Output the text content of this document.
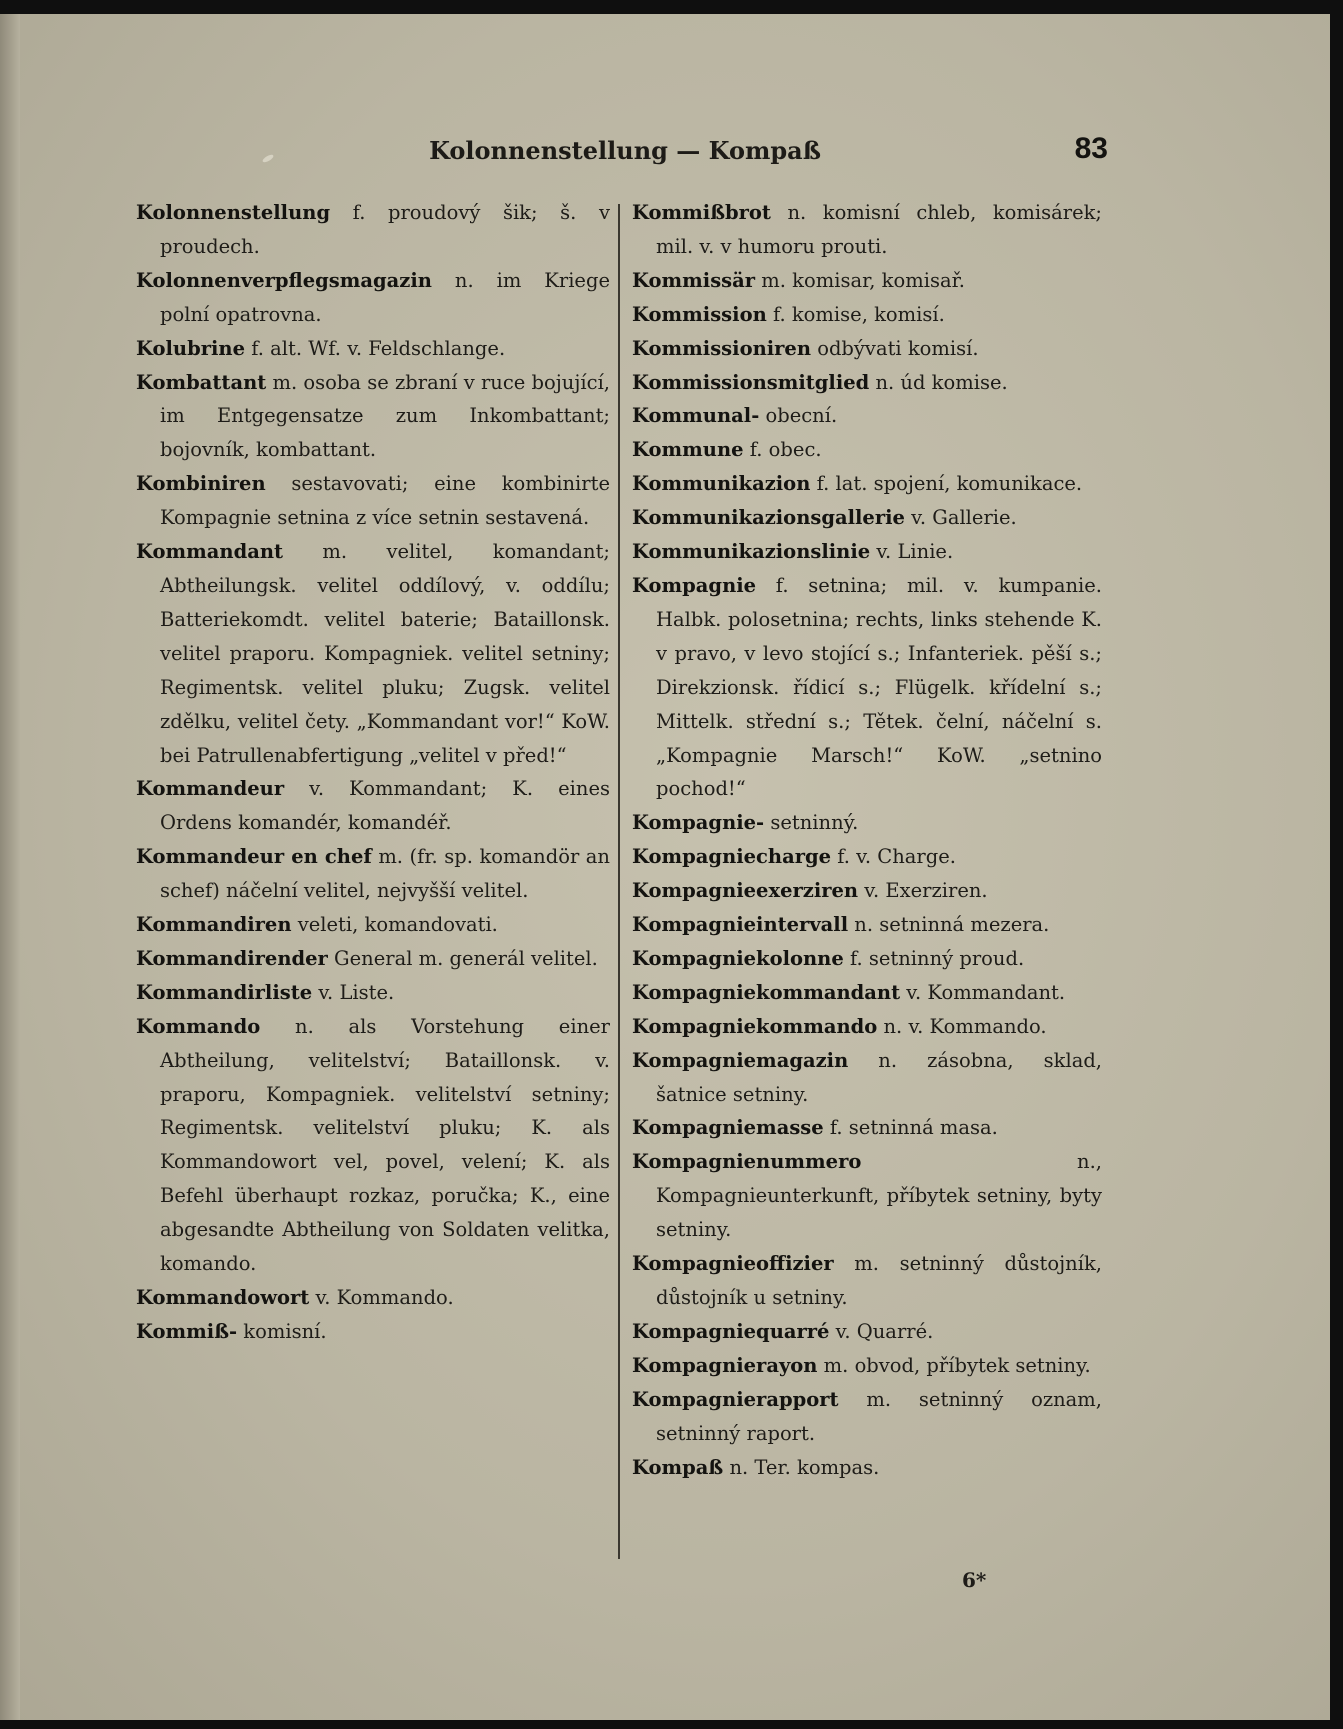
Kolonnenstellung — Kompaß	83
Kolonnenstellung f. proudový šik; š. v proudech.
Kolonnenverpflegsmagazin n. im Kriege polní opatrovna.
Kolubrine f. alt. Wf. v. Feldschlange.
Kombattant m. osoba se zbraní v ruce bojující, im Entgegensatze zum Inkombattant; bojovník, kombattant.
Kombiniren sestavovati; eine kombinirte Kompagnie setnina z více setnin sestavená.
Kommandant m. velitel, komandant; Abtheilungsk. velitel oddílový, v. oddílu; Batteriekomdt. velitel baterie; Bataillonsk. velitel praporu. Kompagniek. velitel setniny; Regimentsk. velitel pluku; Zugsk. velitel zdělku, velitel čety. „Kommandant vor!“ KoW. bei Patrullenabfertigung „velitel v před!“
Kommandeur v. Kommandant; K. eines Ordens komandér, komandéř.
Kommandeur en chef m. (fr. sp. komandör an schef) náčelní velitel, nejvyšší velitel.
Kommandiren veleti, komandovati.
Kommandirender General m. generál velitel.
Kommandirliste v. Liste.
Kommando n. als Vorstehung einer Abtheilung, velitelství; Bataillonsk. v. praporu, Kompagniek. velitelství setniny; Regimentsk. velitelství pluku; K. als Kommandowort vel, povel, velení; K. als Befehl überhaupt rozkaz, poručka; K., eine abgesandte Abtheilung von Soldaten velitka, komando.
Kommandowort v. Kommando.
Kommiß- komisní.
Kommißbrot n. komisní chleb, komisárek; mil. v. v humoru prouti.
Kommissär m. komisar, komisař.
Kommission f. komise, komisí.
Kommissioniren odbývati komisí.
Kommissionsmitglied n. úd komise.
Kommunal- obecní.
Kommune f. obec.
Kommunikazion f. lat. spojení, komunikace.
Kommunikazionsgallerie v. Gallerie.
Kommunikazionslinie v. Linie.
Kompagnie f. setnina; mil. v. kumpanie. Halbk. polosetnina; rechts, links stehende K. v pravo, v levo stojící s.; Infanteriek. pěší s.; Direkzionsk. řídicí s.; Flügelk. křídelní s.; Mittelk. střední s.; Tětek. čelní, náčelní s. „Kompagnie Marsch!“ KoW. „setnino pochod!“
Kompagnie- setninný.
Kompagniecharge f. v. Charge.
Kompagnieexerziren v. Exerziren.
Kompagnieintervall n. setninná mezera.
Kompagniekolonne f. setninný proud.
Kompagniekommandant v. Kommandant.
Kompagniekommando n. v. Kommando.
Kompagniemagazin n. zásobna, sklad, šatnice setniny.
Kompagniemasse f. setninná masa.
Kompagnienummero n., Kompagnieunterkunft, příbytek setniny, byty setniny.
Kompagnieoffizier m. setninný důstojník, důstojník u setniny.
Kompagniequarré v. Quarré.
Kompagnierayon m. obvod, příbytek setniny.
Kompagnierapport m. setninný oznam, setninný raport.
Kompaß n. Ter. kompas.
6*
